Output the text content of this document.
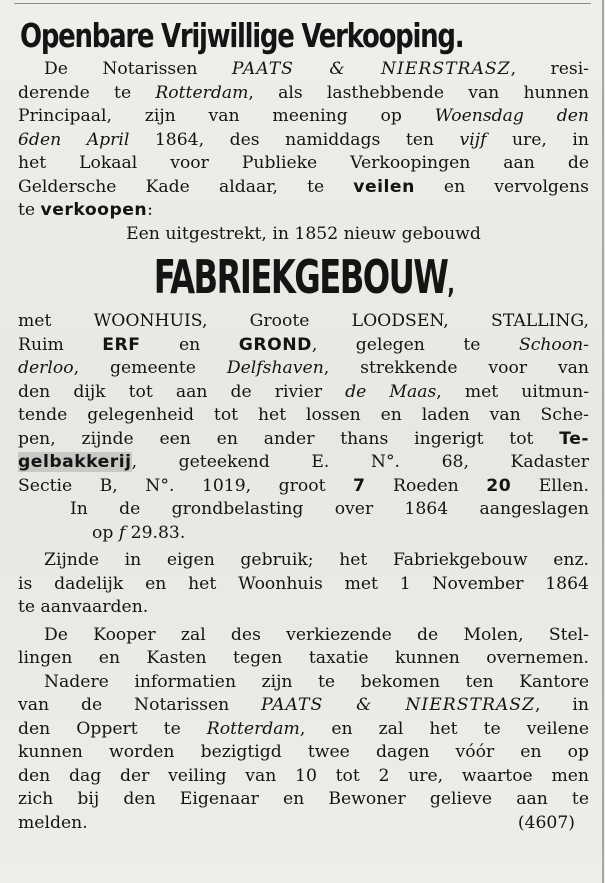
Openbare Vrijwillige Verkooping.

De Notarissen PAATS & NIERSTRASZ, resi-
derende te Rotterdam, als lasthebbende van hunnen
Principaal, zijn van meening op Woensdag den
6den April 1864, des namiddags ten vijf ure, in
het Lokaal voor Publieke Verkoopingen aan de
Geldersche Kade aldaar, te veilen en vervolgens
te verkoopen:

Een uitgestrekt, in 1852 nieuw gebouwd

FABRIEKGEBOUW,

met WOONHUIS, Groote LOODSEN, STALLING,
Ruim ERF en GROND, gelegen te Schoon-
derloo, gemeente Delfshaven, strekkende voor van
den dijk tot aan de rivier de Maas, met uitmun-
tende gelegenheid tot het lossen en laden van Sche-
pen, zijnde een en ander thans ingerigt tot Te-
gelbakkerij, geteekend E. N°. 68, Kadaster
Sectie B, N°. 1019, groot 7 Roeden 20 Ellen.
In de grondbelasting over 1864 aangeslagen
op f 29.83.

Zijnde in eigen gebruik; het Fabriekgebouw enz.
is dadelijk en het Woonhuis met 1 November 1864
te aanvaarden.

De Kooper zal des verkiezende de Molen, Stel-
lingen en Kasten tegen taxatie kunnen overnemen.

Nadere informatien zijn te bekomen ten Kantore
van de Notarissen PAATS & NIERSTRASZ, in
den Oppert te Rotterdam, en zal het te veilene
kunnen worden bezigtigd twee dagen vóór en op
den dag der veiling van 10 tot 2 ure, waartoe men
zich bij den Eigenaar en Bewoner gelieve aan te
melden.	(4607)
